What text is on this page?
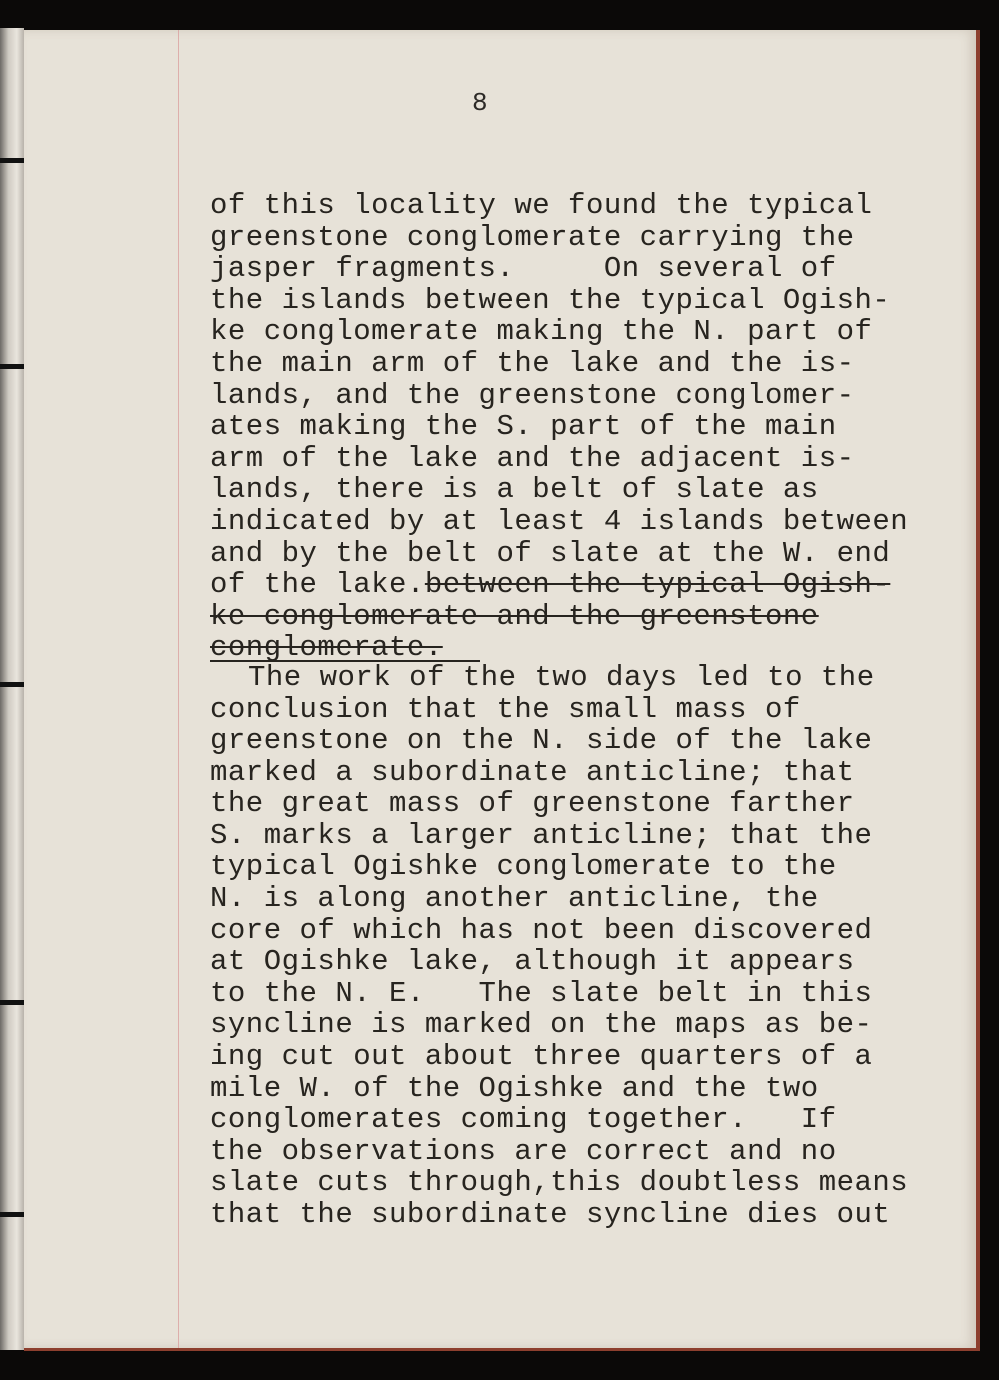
8
of this locality we found the typical
greenstone conglomerate carrying the
jasper fragments.     On several of
the islands between the typical Ogish-
ke conglomerate making the N. part of
the main arm of the lake and the is-
lands, and the greenstone conglomer-
ates making the S. part of the main
arm of the lake and the adjacent is-
lands, there is a belt of slate as
indicated by at least 4 islands between
and by the belt of slate at the W. end
of the lake.between the typical Ogish-
ke conglomerate and the greenstone
conglomerate.
The work of the two days led to the
conclusion that the small mass of
greenstone on the N. side of the lake
marked a subordinate anticline; that
the great mass of greenstone farther
S. marks a larger anticline; that the
typical Ogishke conglomerate to the
N. is along another anticline, the
core of which has not been discovered
at Ogishke lake, although it appears
to the N. E.   The slate belt in this
syncline is marked on the maps as be-
ing cut out about three quarters of a
mile W. of the Ogishke and the two
conglomerates coming together.   If
the observations are correct and no
slate cuts through,this doubtless means
that the subordinate syncline dies out
